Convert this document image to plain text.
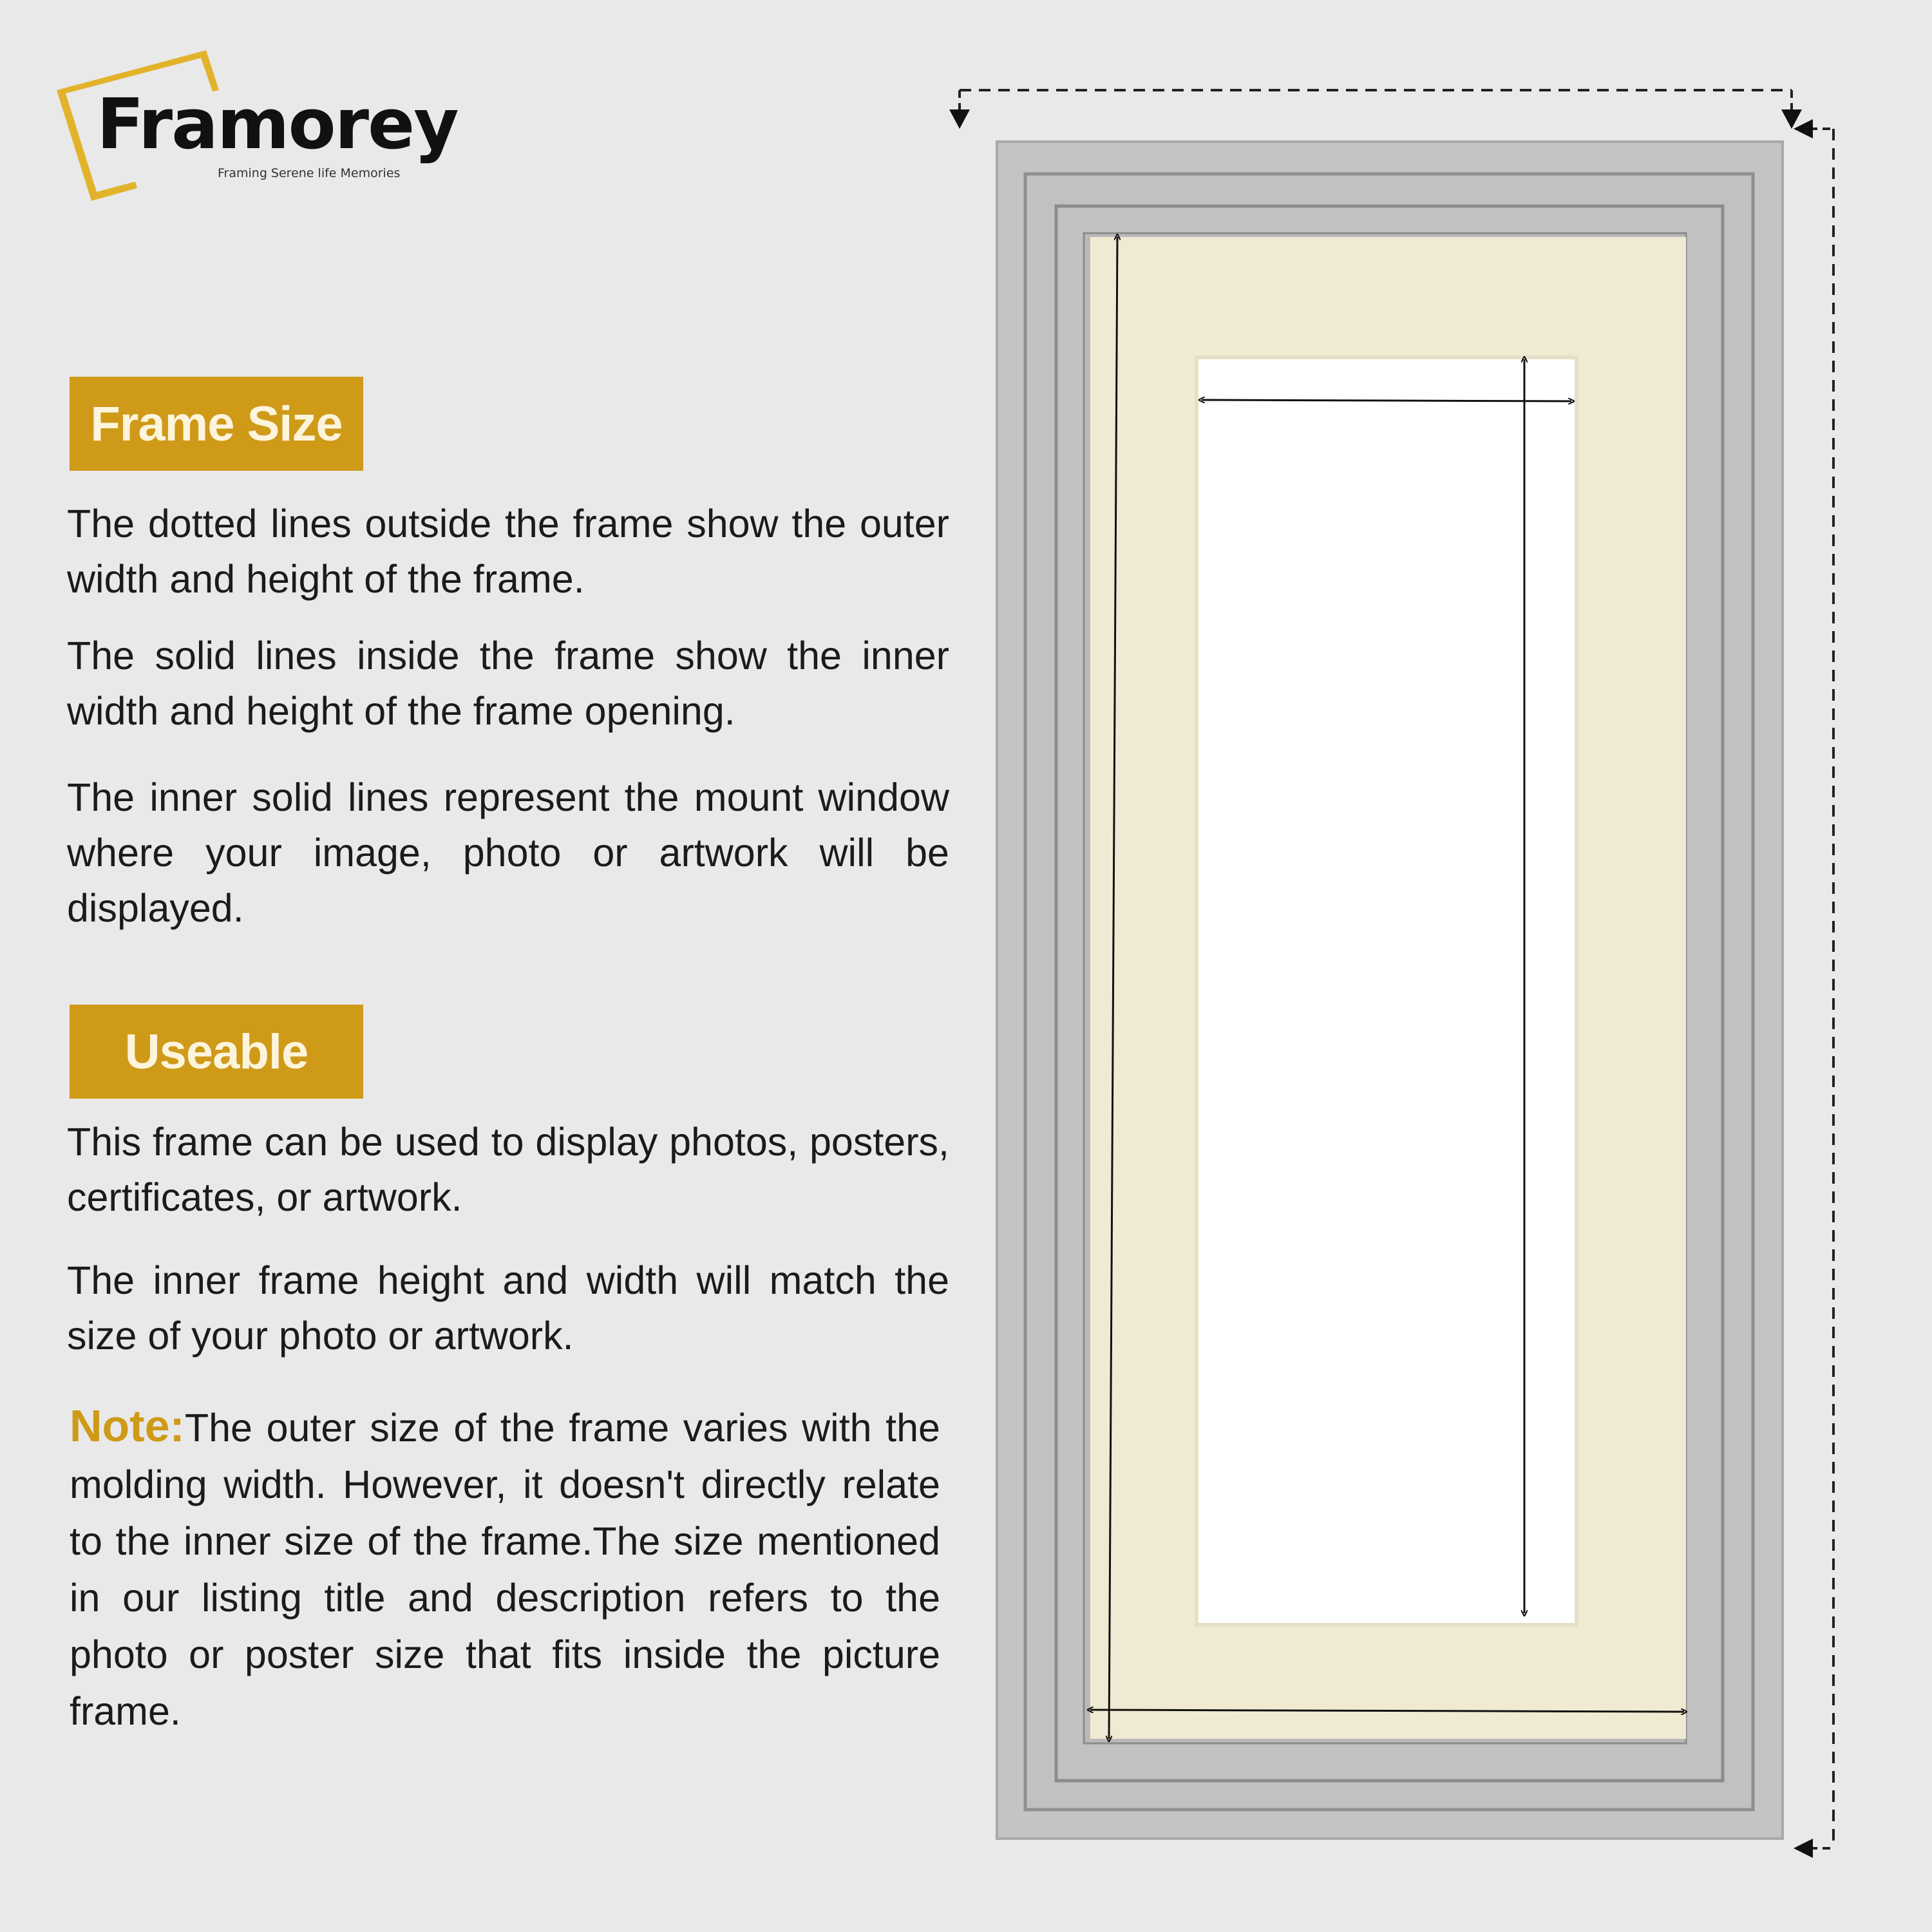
Framorey
Framing Serene life Memories
Frame Size

The dotted lines outside the frame show the outer width and height of the frame.

The solid lines inside the frame show the inner width and height of the frame opening.

The inner solid lines represent the mount window where your image, photo or artwork will be displayed.

Useable

This frame can be used to display photos, posters, certificates, or artwork.

The inner frame height and width will match the size of your photo or artwork.

Note:The outer size of the frame varies with the molding width. However, it doesn't directly relate to the inner size of the frame.The size mentioned in our listing title and description refers to the photo or poster size that fits inside the picture frame.
